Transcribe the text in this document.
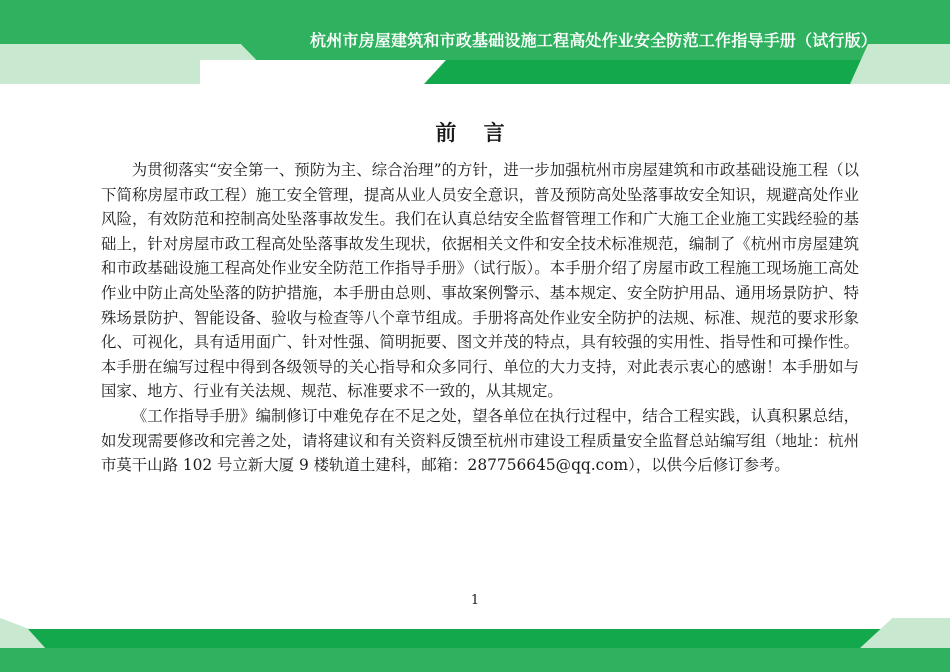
杭州市房屋建筑和市政基础设施工程高处作业安全防范工作指导手册（试行版）
前 言

为贯彻落实“安全第一、预防为主、综合治理”的方针，进一步加强杭州市房屋建筑和市政基础设施工程（以下简称房屋市政工程）施工安全管理，提高从业人员安全意识，普及预防高处坠落事故安全知识，规避高处作业风险，有效防范和控制高处坠落事故发生。我们在认真总结安全监督管理工作和广大施工企业施工实践经验的基础上，针对房屋市政工程高处坠落事故发生现状，依据相关文件和安全技术标准规范，编制了《杭州市房屋建筑和市政基础设施工程高处作业安全防范工作指导手册》（试行版）。本手册介绍了房屋市政工程施工现场施工高处作业中防止高处坠落的防护措施，本手册由总则、事故案例警示、基本规定、安全防护用品、通用场景防护、特殊场景防护、智能设备、验收与检查等八个章节组成。手册将高处作业安全防护的法规、标准、规范的要求形象化、可视化，具有适用面广、针对性强、简明扼要、图文并茂的特点，具有较强的实用性、指导性和可操作性。本手册在编写过程中得到各级领导的关心指导和众多同行、单位的大力支持，对此表示衷心的感谢！本手册如与国家、地方、行业有关法规、规范、标准要求不一致的，从其规定。

《工作指导手册》编制修订中难免存在不足之处，望各单位在执行过程中，结合工程实践，认真积累总结，如发现需要修改和完善之处，请将建议和有关资料反馈至杭州市建设工程质量安全监督总站编写组（地址：杭州市莫干山路 102 号立新大厦 9 楼轨道土建科，邮箱：287756645@qq.com），以供今后修订参考。

1
